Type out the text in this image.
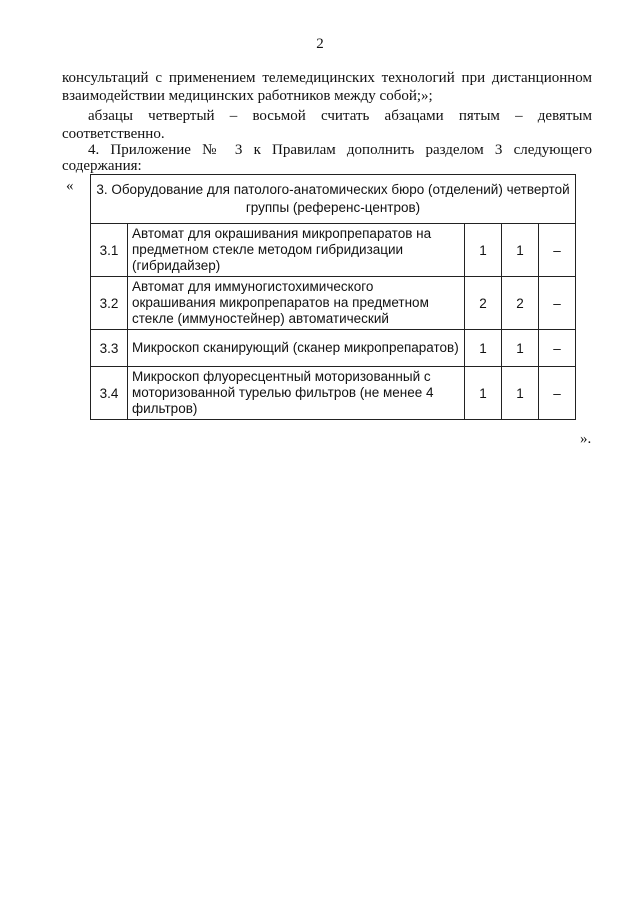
2
консультаций с применением телемедицинских технологий при дистанционном
взаимодействии медицинских работников между собой;»;
абзацы четвертый – восьмой считать абзацами пятым – девятым
соответственно.
4. Приложение № 3 к Правилам дополнить разделом 3 следующего
содержания:
« 3. Оборудование для патолого-анатомических бюро (отделений) четвертой группы (референс-центров)				
3.1	Автомат для окрашивания микропрепаратов на предметном стекле методом гибридизации (гибридайзер)	1	1	–
3.2	Автомат для иммуногистохимического окрашивания микропрепаратов на предметном стекле (иммуностейнер) автоматический	2	2	–
3.3	Микроскоп сканирующий (сканер микропрепаратов)	1	1	–
3.4	Микроскоп флуоресцентный моторизованный с моторизованной турелью фильтров (не менее 4 фильтров)	1	1	–
».
